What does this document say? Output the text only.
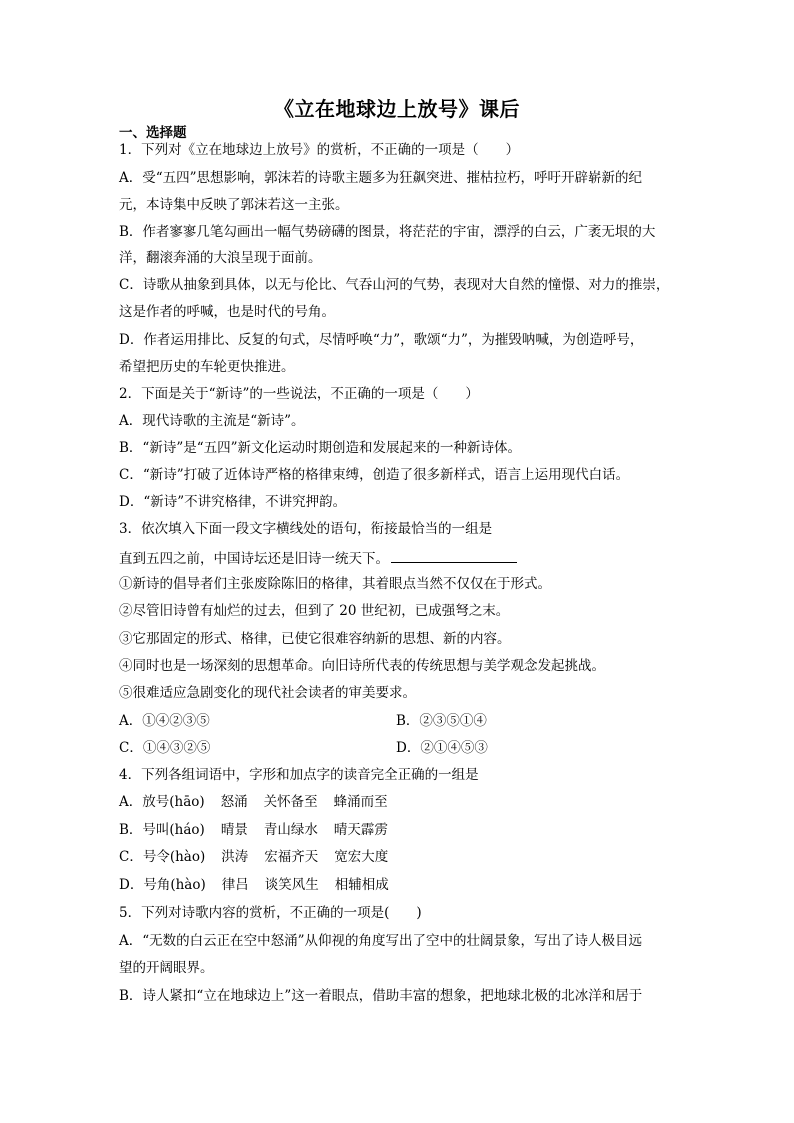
《立在地球边上放号》课后
一、选择题
1．下列对《立在地球边上放号》的赏析，不正确的一项是（　　）
A．受“五四”思想影响，郭沫若的诗歌主题多为狂飙突进、摧枯拉朽，呼吁开辟崭新的纪
元，本诗集中反映了郭沫若这一主张。
B．作者寥寥几笔勾画出一幅气势磅礴的图景，将茫茫的宇宙，漂浮的白云，广袤无垠的大
洋，翻滚奔涌的大浪呈现于面前。
C．诗歌从抽象到具体，以无与伦比、气吞山河的气势，表现对大自然的憧憬、对力的推崇，
这是作者的呼喊，也是时代的号角。
D．作者运用排比、反复的句式，尽情呼唤“力”，歌颂“力”，为摧毁呐喊，为创造呼号，
希望把历史的车轮更快推进。
2．下面是关于“新诗”的一些说法，不正确的一项是（　　）
A．现代诗歌的主流是“新诗”。
B．“新诗”是“五四”新文化运动时期创造和发展起来的一种新诗体。
C．“新诗”打破了近体诗严格的格律束缚，创造了很多新样式，语言上运用现代白话。
D．“新诗”不讲究格律，不讲究押韵。
3．依次填入下面一段文字横线处的语句，衔接最恰当的一组是
直到五四之前，中国诗坛还是旧诗一统天下。
①新诗的倡导者们主张废除陈旧的格律，其着眼点当然不仅仅在于形式。
②尽管旧诗曾有灿烂的过去，但到了 20 世纪初，已成强弩之末。
③它那固定的形式、格律，已使它很难容纳新的思想、新的内容。
④同时也是一场深刻的思想革命。向旧诗所代表的传统思想与美学观念发起挑战。
⑤很难适应急剧变化的现代社会读者的审美要求。
A．①④②③⑤	B．②③⑤①④
C．①④③②⑤	D．②①④⑤③
4．下列各组词语中，字形和加点字的读音完全正确的一组是
A．放号(hāo) 怒涌 关怀备至 蜂涌而至
B．号叫(háo) 晴景 青山绿水 晴天霹雳
C．号令(hào) 洪涛 宏福齐天 宽宏大度
D．号角(hào) 律吕 谈笑风生 相辅相成
5．下列对诗歌内容的赏析，不正确的一项是(　　)
A．“无数的白云正在空中怒涌”从仰视的角度写出了空中的壮阔景象，写出了诗人极目远
望的开阔眼界。
B．诗人紧扣“立在地球边上”这一着眼点，借助丰富的想象，把地球北极的北冰洋和居于
